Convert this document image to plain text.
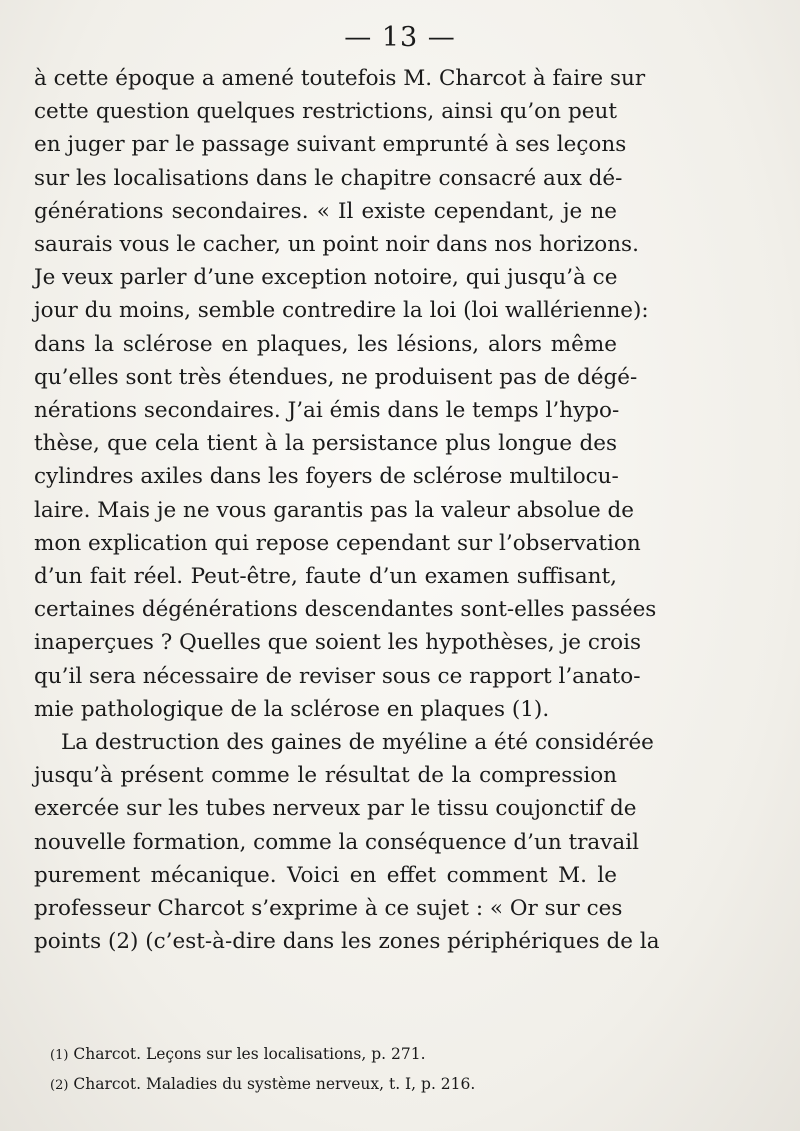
— 13 —
à cette époque a amené toutefois M. Charcot à faire sur
cette question quelques restrictions, ainsi qu’on peut
en juger par le passage suivant emprunté à ses leçons
sur les localisations dans le chapitre consacré aux dé-
générations secondaires. « Il existe cependant, je ne
saurais vous le cacher, un point noir dans nos horizons.
Je veux parler d’une exception notoire, qui jusqu’à ce
jour du moins, semble contredire la loi (loi wallérienne):
dans la sclérose en plaques, les lésions, alors même
qu’elles sont très étendues, ne produisent pas de dégé-
nérations secondaires. J’ai émis dans le temps l’hypo-
thèse, que cela tient à la persistance plus longue des
cylindres axiles dans les foyers de sclérose multilocu-
laire. Mais je ne vous garantis pas la valeur absolue de
mon explication qui repose cependant sur l’observation
d’un fait réel. Peut-être, faute d’un examen suffisant,
certaines dégénérations descendantes sont-elles passées
inaperçues ? Quelles que soient les hypothèses, je crois
qu’il sera nécessaire de reviser sous ce rapport l’anato-
mie pathologique de la sclérose en plaques (1).
La destruction des gaines de myéline a été considérée
jusqu’à présent comme le résultat de la compression
exercée sur les tubes nerveux par le tissu coujonctif de
nouvelle formation, comme la conséquence d’un travail
purement mécanique. Voici en effet comment M. le
professeur Charcot s’exprime à ce sujet : « Or sur ces
points (2) (c’est-à-dire dans les zones périphériques de la
(1) Charcot. Leçons sur les localisations, p. 271.
(2) Charcot. Maladies du système nerveux, t. I, p. 216.
